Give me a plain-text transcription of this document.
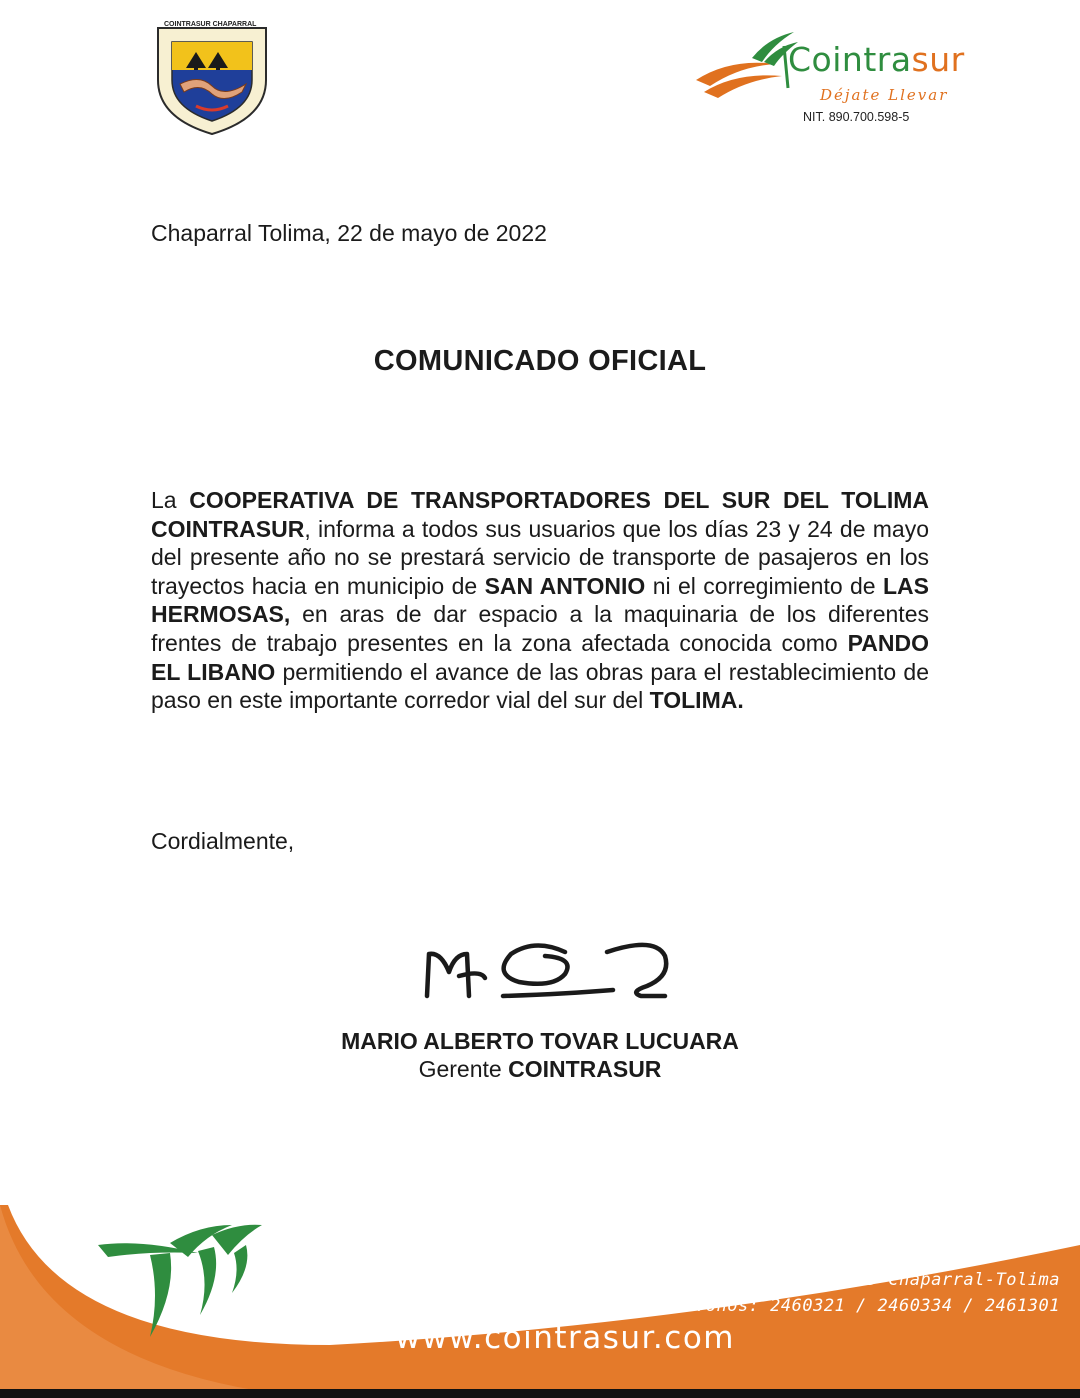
COINTRASUR CHAPARRAL
Cointrasur
Déjate Llevar
NIT. 890.700.598-5
Chaparral Tolima, 22 de mayo de 2022
COMUNICADO OFICIAL
La COOPERATIVA DE TRANSPORTADORES DEL SUR DEL TOLIMA COINTRASUR, informa a todos sus usuarios que los días 23 y 24 de mayo del presente año no se prestará servicio de transporte de pasajeros en los trayectos hacia en municipio de SAN ANTONIO ni el corregimiento de LAS HERMOSAS, en aras de dar espacio a la maquinaria de los diferentes frentes de trabajo presentes en la zona afectada conocida como PANDO EL LIBANO permitiendo el avance de las obras para el restablecimiento de paso en este importante corredor vial del sur del TOLIMA.
Cordialmente,
MARIO ALBERTO TOVAR LUCUARA
Gerente COINTRASUR
Carrera 8 No 7-35 Chaparral-Tolima
Telefonos: 2460321 / 2460334 / 2461301
www.cointrasur.com
